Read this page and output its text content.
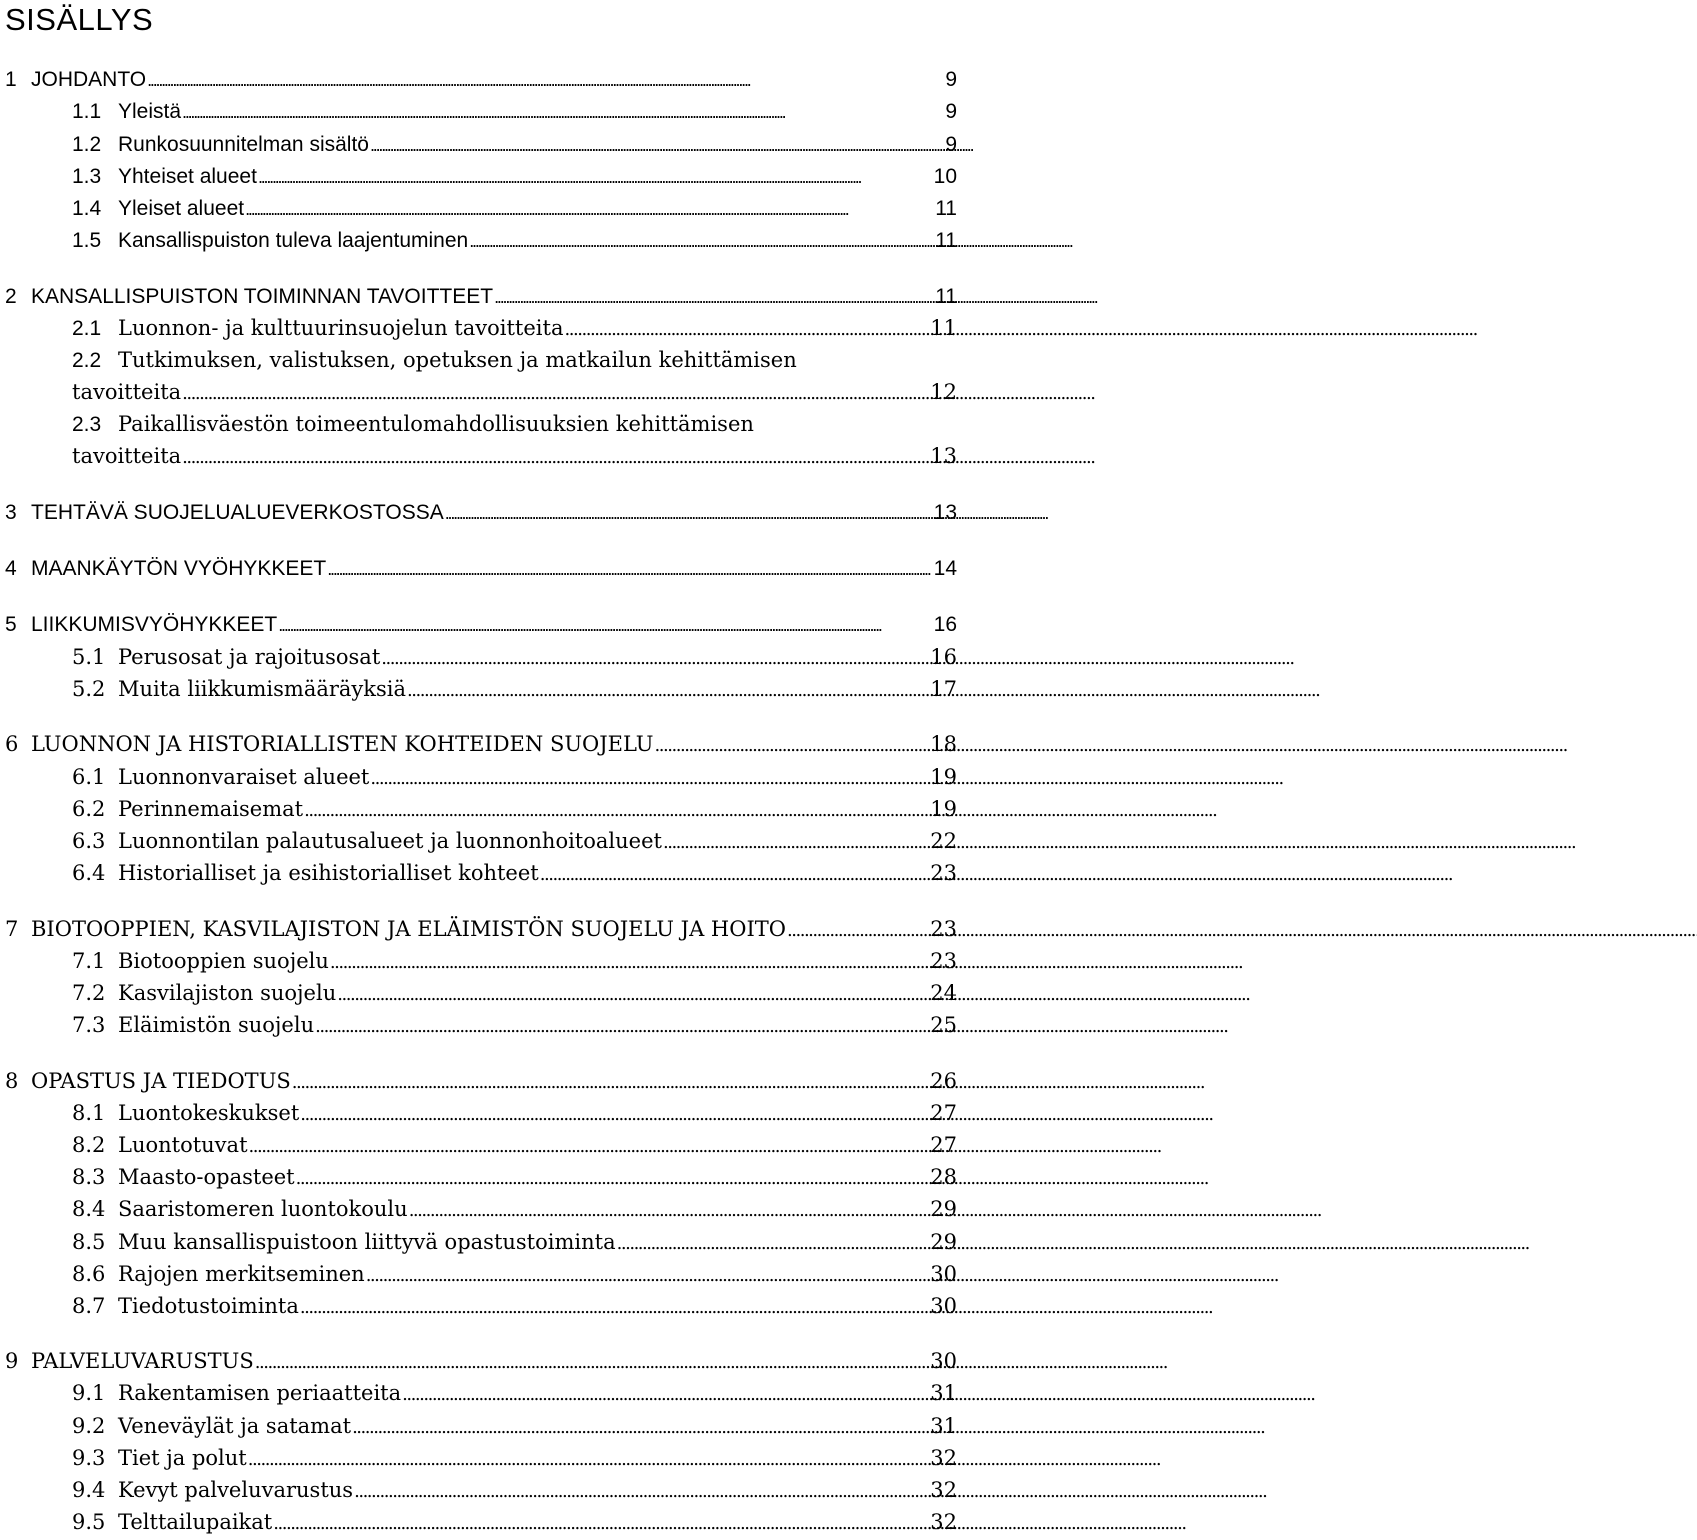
SISÄLLYS
1 JOHDANTO . . .	9
1.1 Yleistä . . .	9
1.2 Runkosuunnitelman sisältö . . .	9
1.3 Yhteiset alueet . . .	10
1.4 Yleiset alueet . . .	11
1.5 Kansallispuiston tuleva laajentuminen . . .	11
2 KANSALLISPUISTON TOIMINNAN TAVOITTEET . . .	11
2.1 Luonnon- ja kulttuurinsuojelun tavoitteita . . .	11
2.2 Tutkimuksen, valistuksen, opetuksen ja matkailun kehittämisen
tavoitteita . . .	12
2.3 Paikallisväestön toimeentulomahdollisuuksien kehittämisen
tavoitteita . . .	13
3 TEHTÄVÄ SUOJELUALUEVERKOSTOSSA . . .	13
4 MAANKÄYTÖN VYÖHYKKEET . . .	14
5 LIIKKUMISVYÖHYKKEET . . .	16
5.1 Perusosat ja rajoitusosat . . .	16
5.2 Muita liikkumismääräyksiä . . .	17
6 LUONNON JA HISTORIALLISTEN KOHTEIDEN SUOJELU . . .	18
6.1 Luonnonvaraiset alueet . . .	19
6.2 Perinnemaisemat . . .	19
6.3 Luonnontilan palautusalueet ja luonnonhoitoalueet . . .	22
6.4 Historialliset ja esihistorialliset kohteet . . .	23
7 BIOTOOPPIEN, KASVILAJISTON JA ELÄIMISTÖN SUOJELU JA HOITO . . .	23
7.1 Biotooppien suojelu . . .	23
7.2 Kasvilajiston suojelu . . .	24
7.3 Eläimistön suojelu . . .	25
8 OPASTUS JA TIEDOTUS . . .	26
8.1 Luontokeskukset . . .	27
8.2 Luontotuvat . . .	27
8.3 Maasto-opasteet . . .	28
8.4 Saaristomeren luontokoulu . . .	29
8.5 Muu kansallispuistoon liittyvä opastustoiminta . . .	29
8.6 Rajojen merkitseminen . . .	30
8.7 Tiedotustoiminta . . .	30
9 PALVELUVARUSTUS . . .	30
9.1 Rakentamisen periaatteita . . .	31
9.2 Veneväylät ja satamat . . .	31
9.3 Tiet ja polut . . .	32
9.4 Kevyt palveluvarustus . . .	32
9.5 Telttailupaikat . . .	32
